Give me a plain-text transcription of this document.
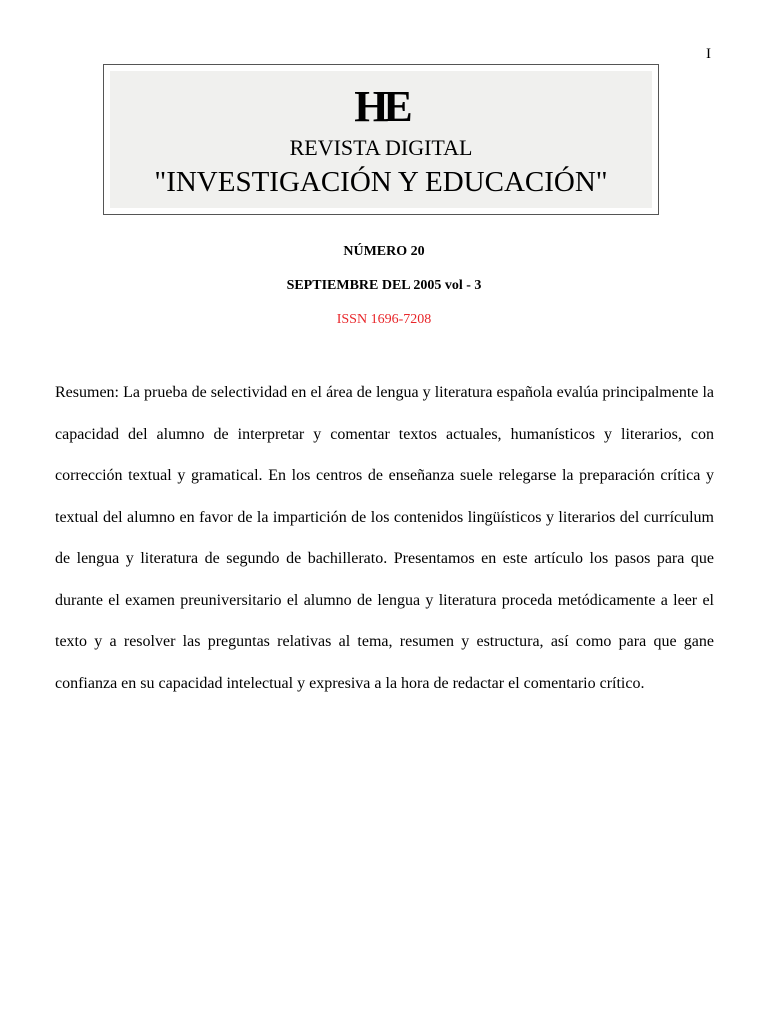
I
HE
REVISTA DIGITAL
"INVESTIGACIÓN Y EDUCACIÓN"
NÚMERO 20
SEPTIEMBRE DEL 2005 vol - 3
ISSN 1696-7208

Resumen: La prueba de selectividad en el área de lengua y literatura española evalúa principalmente la capacidad del alumno de interpretar y comentar textos actuales, humanísticos y literarios, con corrección textual y gramatical. En los centros de enseñanza suele relegarse la preparación crítica y textual del alumno en favor de la impartición de los contenidos lingüísticos y literarios del currículum de lengua y literatura de segundo de bachillerato. Presentamos en este artículo los pasos para que durante el examen preuniversitario el alumno de lengua y literatura proceda metódicamente a leer el texto y a resolver las preguntas relativas al tema, resumen y estructura, así como para que gane confianza en su capacidad intelectual y expresiva a la hora de redactar el comentario crítico.
